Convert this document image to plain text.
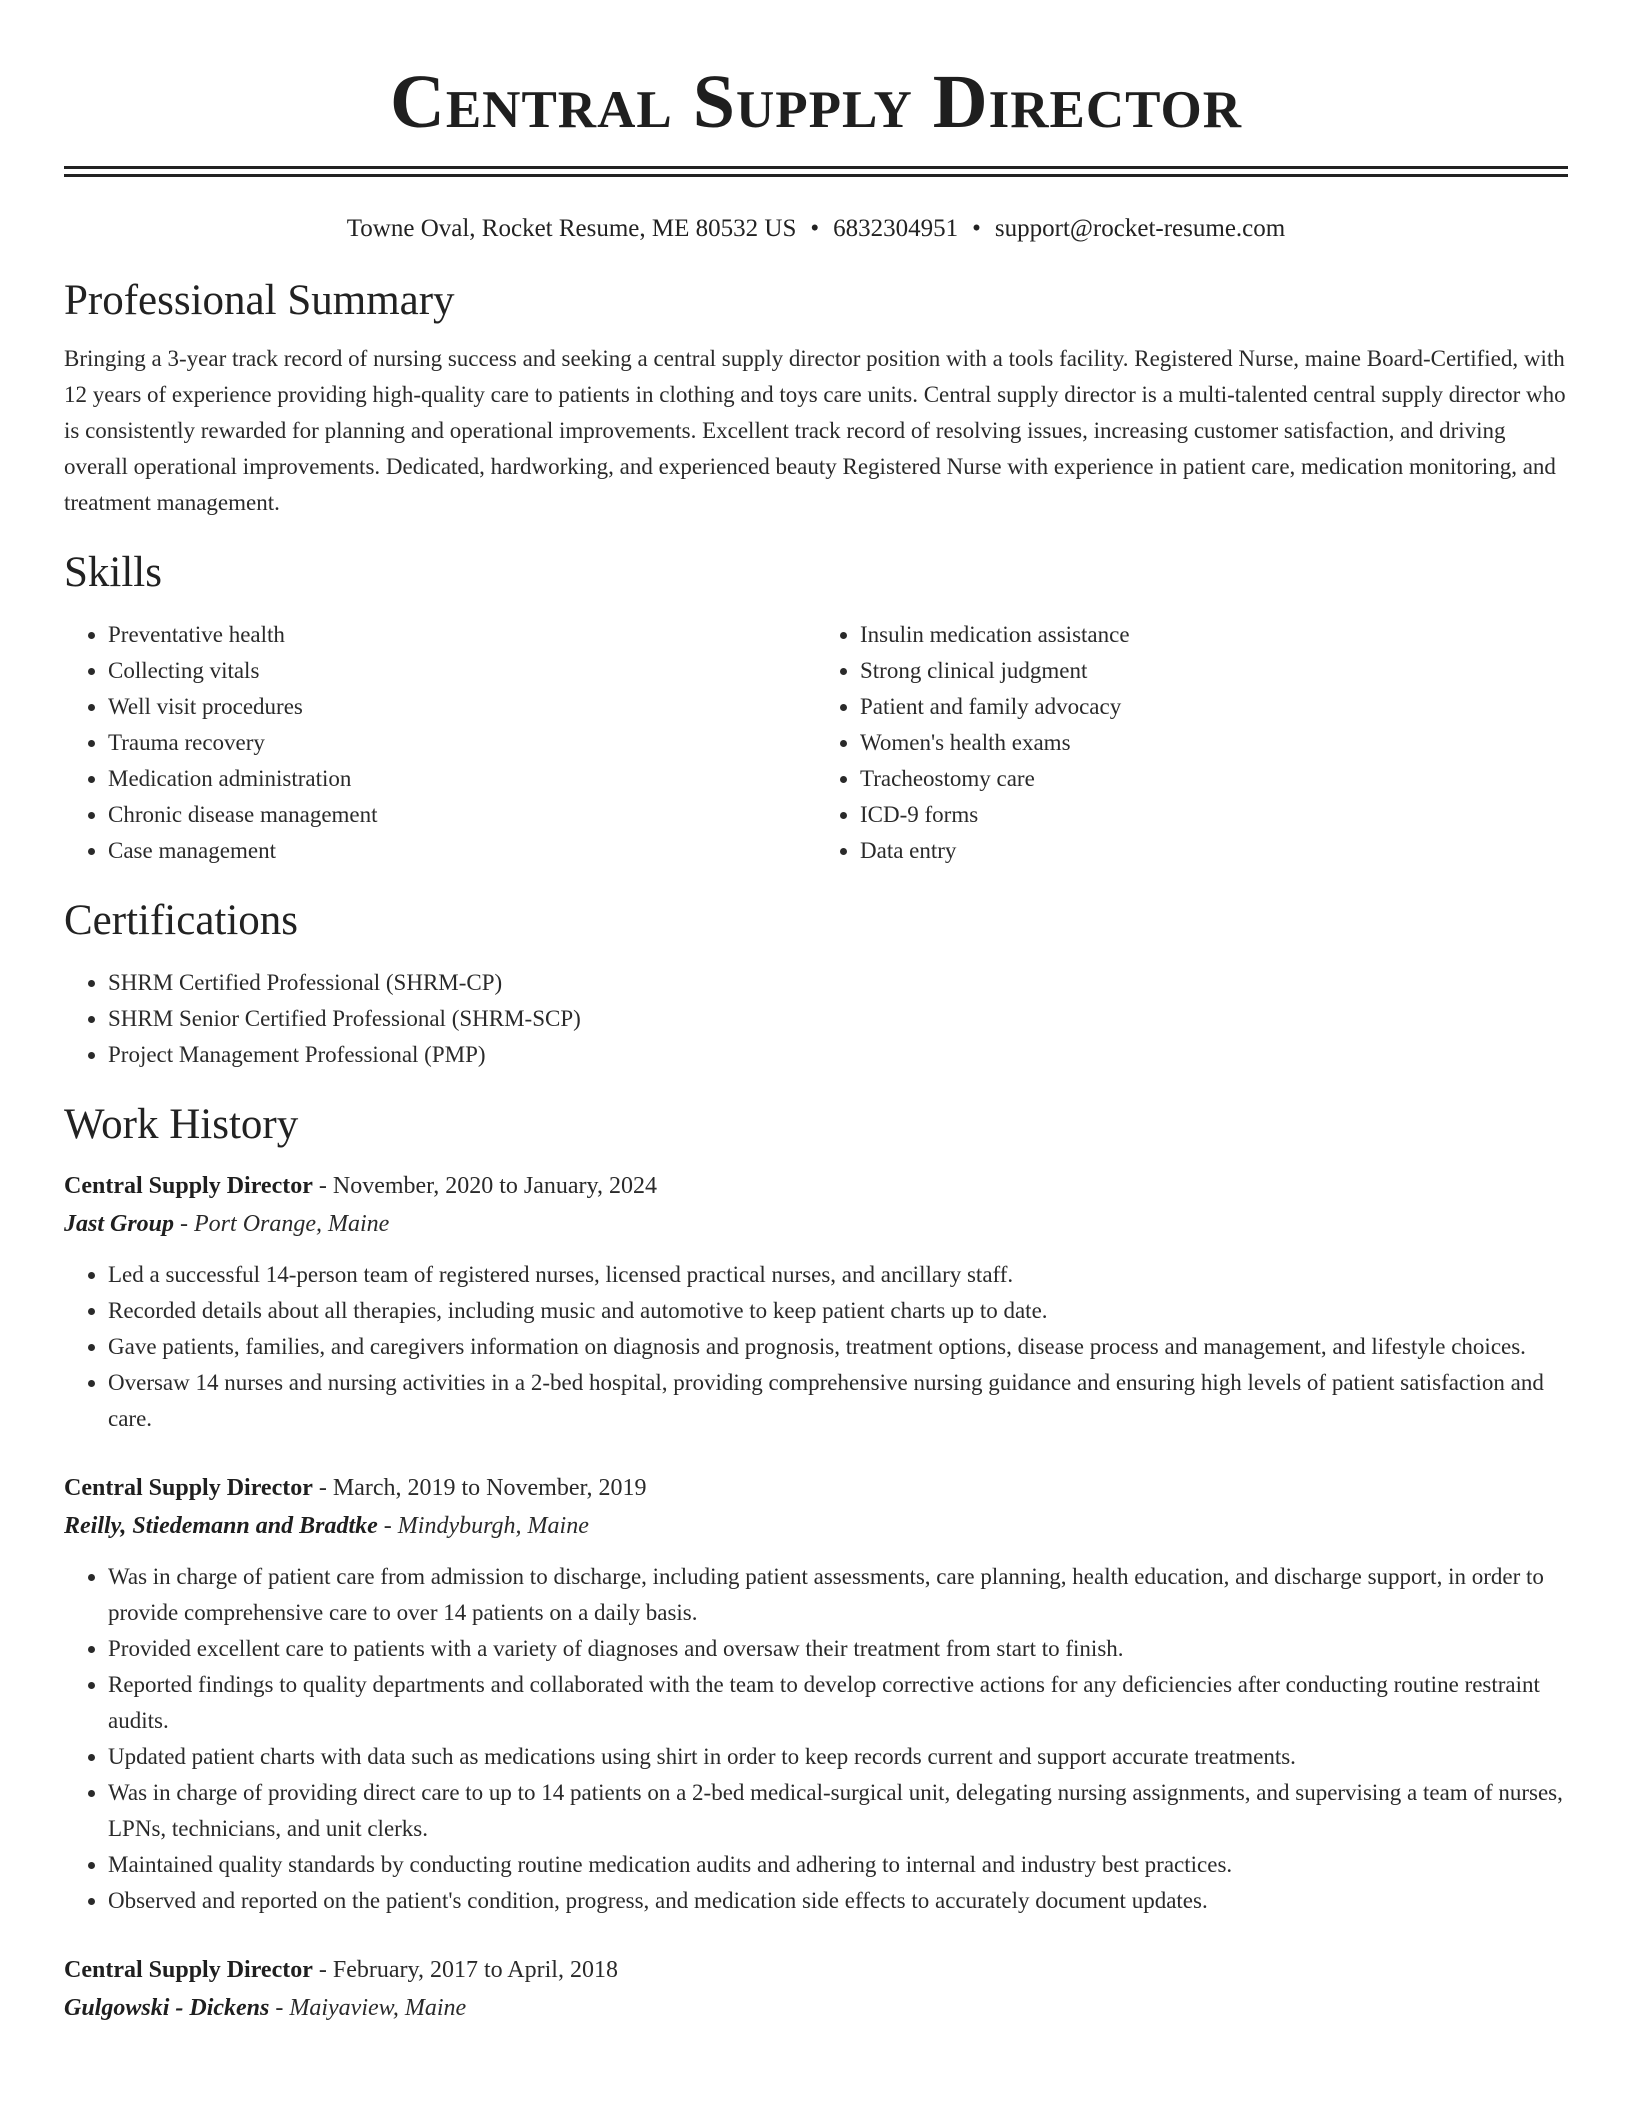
Central Supply Director
Towne Oval, Rocket Resume, ME 80532 US • 6832304951 • support@rocket-resume.com
Professional Summary

Bringing a 3-year track record of nursing success and seeking a central supply director position with a tools facility. Registered Nurse, maine Board-Certified, with 12 years of experience providing high-quality care to patients in clothing and toys care units. Central supply director is a multi-talented central supply director who is consistently rewarded for planning and operational improvements. Excellent track record of resolving issues, increasing customer satisfaction, and driving overall operational improvements. Dedicated, hardworking, and experienced beauty Registered Nurse with experience in patient care, medication monitoring, and treatment management.

Skills
• Preventative health
• Collecting vitals
• Well visit procedures
• Trauma recovery
• Medication administration
• Chronic disease management
• Case management
• Insulin medication assistance
• Strong clinical judgment
• Patient and family advocacy
• Women's health exams
• Tracheostomy care
• ICD-9 forms
• Data entry
Certifications
• SHRM Certified Professional (SHRM-CP)
• SHRM Senior Certified Professional (SHRM-SCP)
• Project Management Professional (PMP)
Work History
Central Supply Director - November, 2020 to January, 2024
Jast Group - Port Orange, Maine
• Led a successful 14-person team of registered nurses, licensed practical nurses, and ancillary staff.
• Recorded details about all therapies, including music and automotive to keep patient charts up to date.
• Gave patients, families, and caregivers information on diagnosis and prognosis, treatment options, disease process and management, and lifestyle choices.
• Oversaw 14 nurses and nursing activities in a 2-bed hospital, providing comprehensive nursing guidance and ensuring high levels of patient satisfaction and care.
Central Supply Director - March, 2019 to November, 2019
Reilly, Stiedemann and Bradtke - Mindyburgh, Maine
• Was in charge of patient care from admission to discharge, including patient assessments, care planning, health education, and discharge support, in order to provide comprehensive care to over 14 patients on a daily basis.
• Provided excellent care to patients with a variety of diagnoses and oversaw their treatment from start to finish.
• Reported findings to quality departments and collaborated with the team to develop corrective actions for any deficiencies after conducting routine restraint audits.
• Updated patient charts with data such as medications using shirt in order to keep records current and support accurate treatments.
• Was in charge of providing direct care to up to 14 patients on a 2-bed medical-surgical unit, delegating nursing assignments, and supervising a team of nurses, LPNs, technicians, and unit clerks.
• Maintained quality standards by conducting routine medication audits and adhering to internal and industry best practices.
• Observed and reported on the patient's condition, progress, and medication side effects to accurately document updates.
Central Supply Director - February, 2017 to April, 2018
Gulgowski - Dickens - Maiyaview, Maine
